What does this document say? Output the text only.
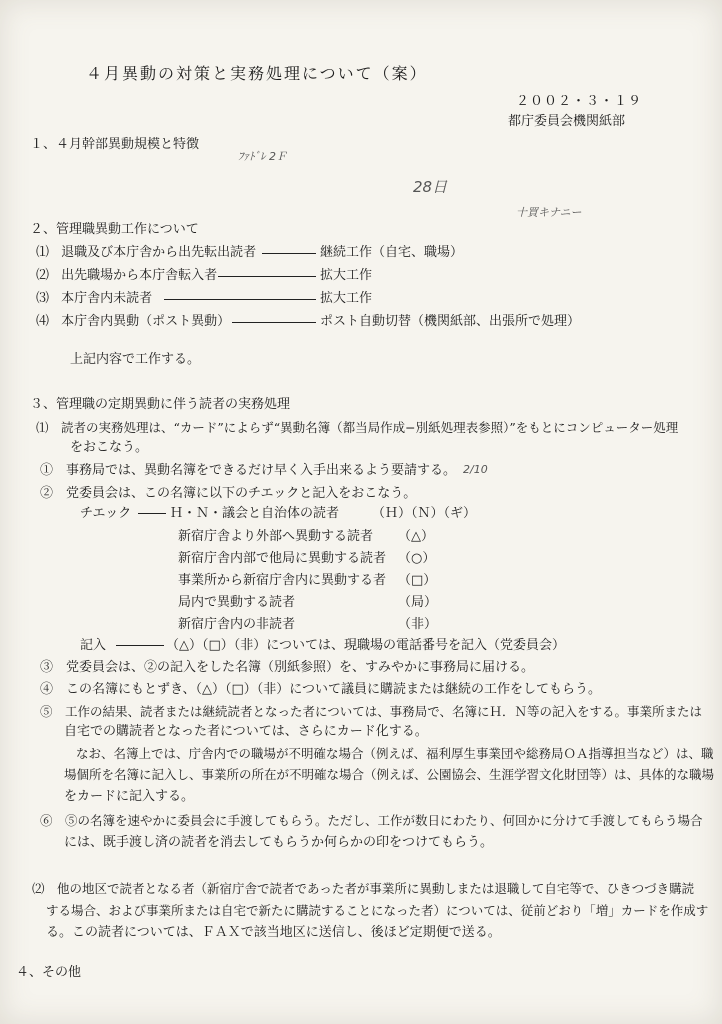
４月異動の対策と実務処理について（案）
２００２・３・１９
都庁委員会機関紙部
１、４月幹部異動規模と特徴
ﾌｧﾄﾞﾚ 2Ｆ
28日
十買キナニー
２、管理職異動工作について
⑴ 退職及び本庁舎から出先転出読者	継続工作（自宅、職場）
⑵ 出先職場から本庁舎転入者	拡大工作
⑶ 本庁舎内未読者	拡大工作
⑷ 本庁舎内異動（ポスト異動）	ポスト自動切替（機関紙部、出張所で処理）
上記内容で工作する。
３、管理職の定期異動に伴う読者の実務処理
⑴　読者の実務処理は、“カード”によらず“異動名簿（都当局作成−別紙処理表参照）”をもとにコンピューター処理
をおこなう。
①　事務局では、異動名簿をできるだけ早く入手出来るよう要請する。 2/10
②　党委員会は、この名簿に以下のチエックと記入をおこなう。
チエック	Ｈ・Ｎ・議会と自治体の読者	（Ｈ）（Ｎ）（ギ）
新宿庁舎より外部へ異動する読者 （△）
新宿庁舎内部で他局に異動する読者 （○）
事業所から新宿庁舎内に異動する者 （□）
局内で異動する読者	（局）
新宿庁舎内の非読者	（非）
記入	（△）（□）（非）については、現職場の電話番号を記入（党委員会）
③　党委員会は、②の記入をした名簿（別紙参照）を、すみやかに事務局に届ける。
④　この名簿にもとずき、（△）（□）（非）について議員に購読または継続の工作をしてもらう。
⑤　工作の結果、読者または継続読者となった者については、事務局で、名簿にＨ．Ｎ等の記入をする。事業所または
自宅での購読者となった者については、さらにカード化する。
なお、名簿上では、庁舎内での職場が不明確な場合（例えば、福利厚生事業団や総務局ＯＡ指導担当など）は、職
場個所を名簿に記入し、事業所の所在が不明確な場合（例えば、公園協会、生涯学習文化財団等）は、具体的な職場
をカードに記入する。
⑥　⑤の名簿を速やかに委員会に手渡してもらう。ただし、工作が数日にわたり、何回かに分けて手渡してもらう場合
には、既手渡し済の読者を消去してもらうか何らかの印をつけてもらう。
⑵　他の地区で読者となる者（新宿庁舎で読者であった者が事業所に異動しまたは退職して自宅等で、ひきつづき購読
する場合、および事業所または自宅で新たに購読することになった者）については、従前どおり「増」カードを作成す
る。この読者については、ＦＡＸで該当地区に送信し、後ほど定期便で送る。
４、その他
